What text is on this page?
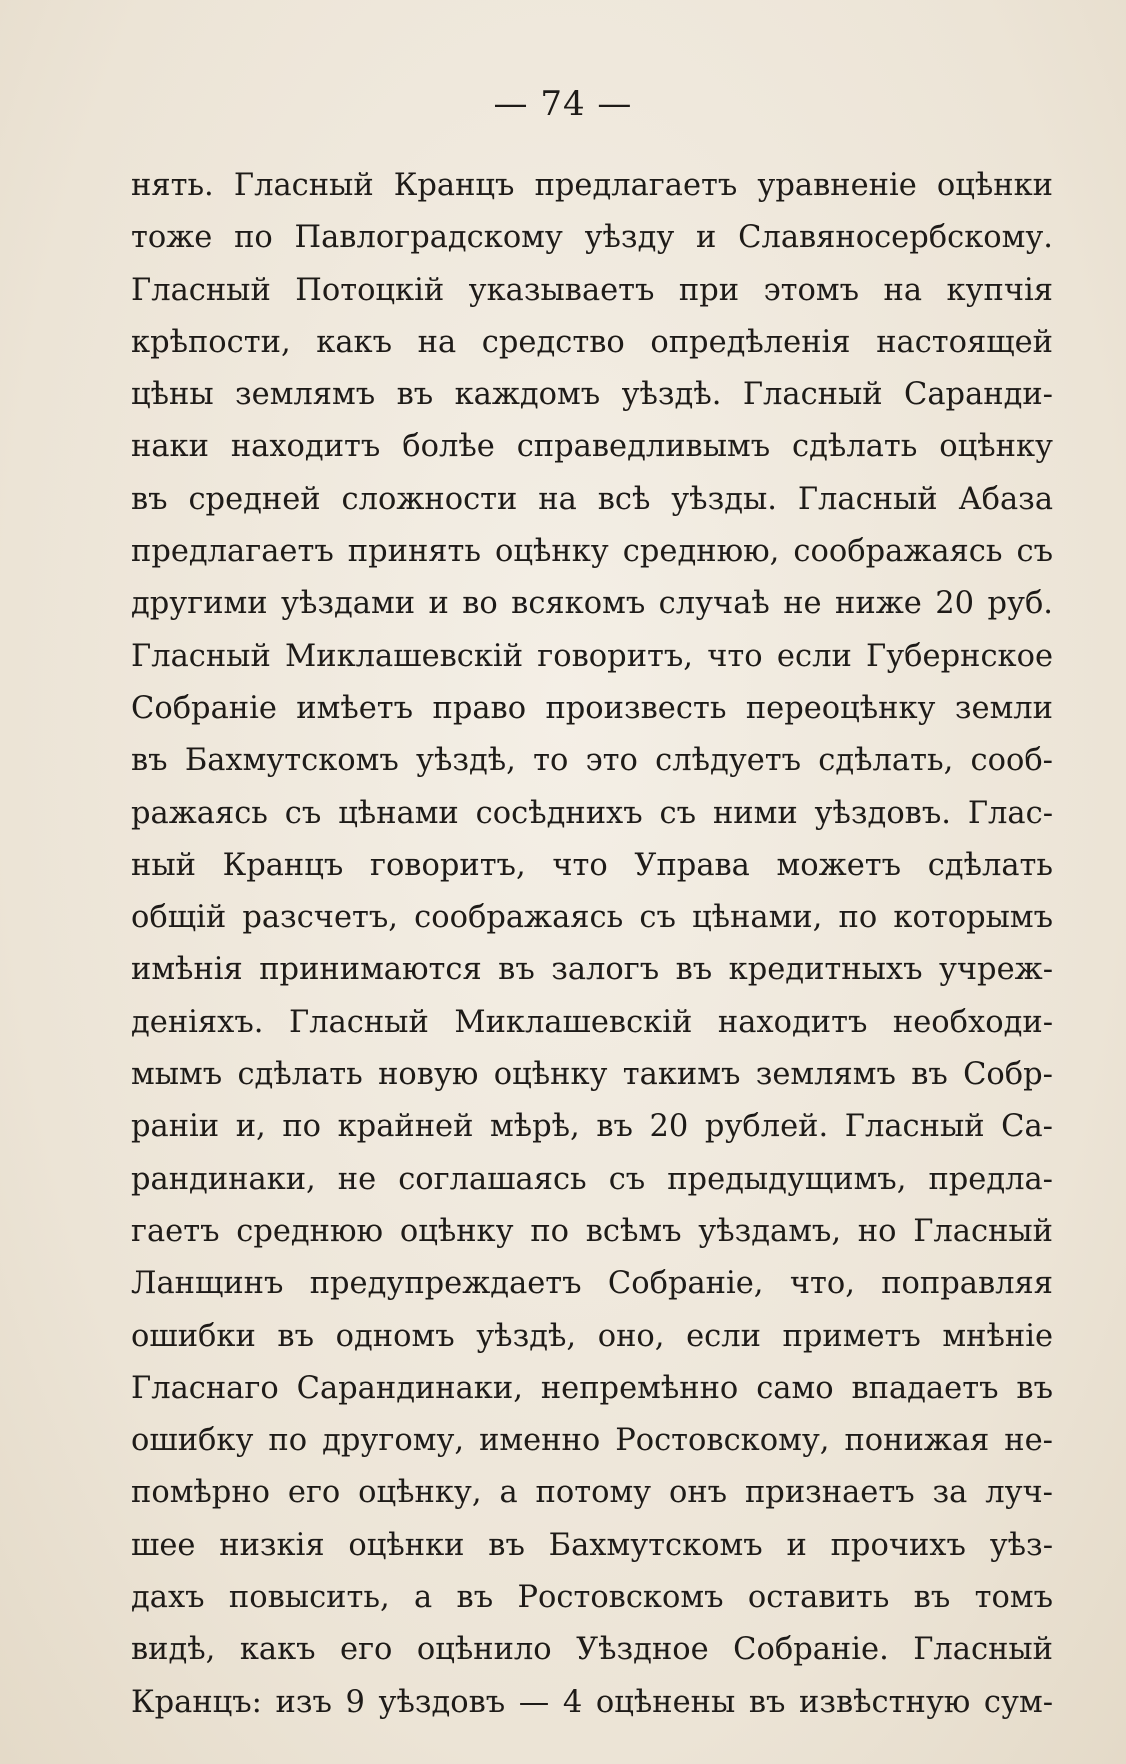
— 74 —
нять. Гласный Кранцъ предлагаетъ уравненіе оцѣнки
тоже по Павлоградскому уѣзду и Славяносербскому.
Гласный Потоцкій указываетъ при этомъ на купчія
крѣпости, какъ на средство опредѣленія настоящей
цѣны землямъ въ каждомъ уѣздѣ. Гласный Саранди-
наки находитъ болѣе справедливымъ сдѣлать оцѣнку
въ средней сложности на всѣ уѣзды. Гласный Абаза
предлагаетъ принять оцѣнку среднюю, соображаясь съ
другими уѣздами и во всякомъ случаѣ не ниже 20 руб.
Гласный Миклашевскій говоритъ, что если Губернское
Собраніе имѣетъ право произвесть переоцѣнку земли
въ Бахмутскомъ уѣздѣ, то это слѣдуетъ сдѣлать, сооб-
ражаясь съ цѣнами сосѣднихъ съ ними уѣздовъ. Глас-
ный Кранцъ говоритъ, что Управа можетъ сдѣлать
общій разсчетъ, соображаясь съ цѣнами, по которымъ
имѣнія принимаются въ залогъ въ кредитныхъ учреж-
деніяхъ. Гласный Миклашевскій находитъ необходи-
мымъ сдѣлать новую оцѣнку такимъ землямъ въ Собр-
раніи и, по крайней мѣрѣ, въ 20 рублей. Гласный Са-
рандинаки, не соглашаясь съ предыдущимъ, предла-
гаетъ среднюю оцѣнку по всѣмъ уѣздамъ, но Гласный
Ланщинъ предупреждаетъ Собраніе, что, поправляя
ошибки въ одномъ уѣздѣ, оно, если приметъ мнѣніе
Гласнаго Сарандинаки, непремѣнно само впадаетъ въ
ошибку по другому, именно Ростовскому, понижая не-
помѣрно его оцѣнку, а потому онъ признаетъ за луч-
шее низкія оцѣнки въ Бахмутскомъ и прочихъ уѣз-
дахъ повысить, а въ Ростовскомъ оставить въ томъ
видѣ, какъ его оцѣнило Уѣздное Собраніе. Гласный
Кранцъ: изъ 9 уѣздовъ — 4 оцѣнены въ извѣстную сум-
